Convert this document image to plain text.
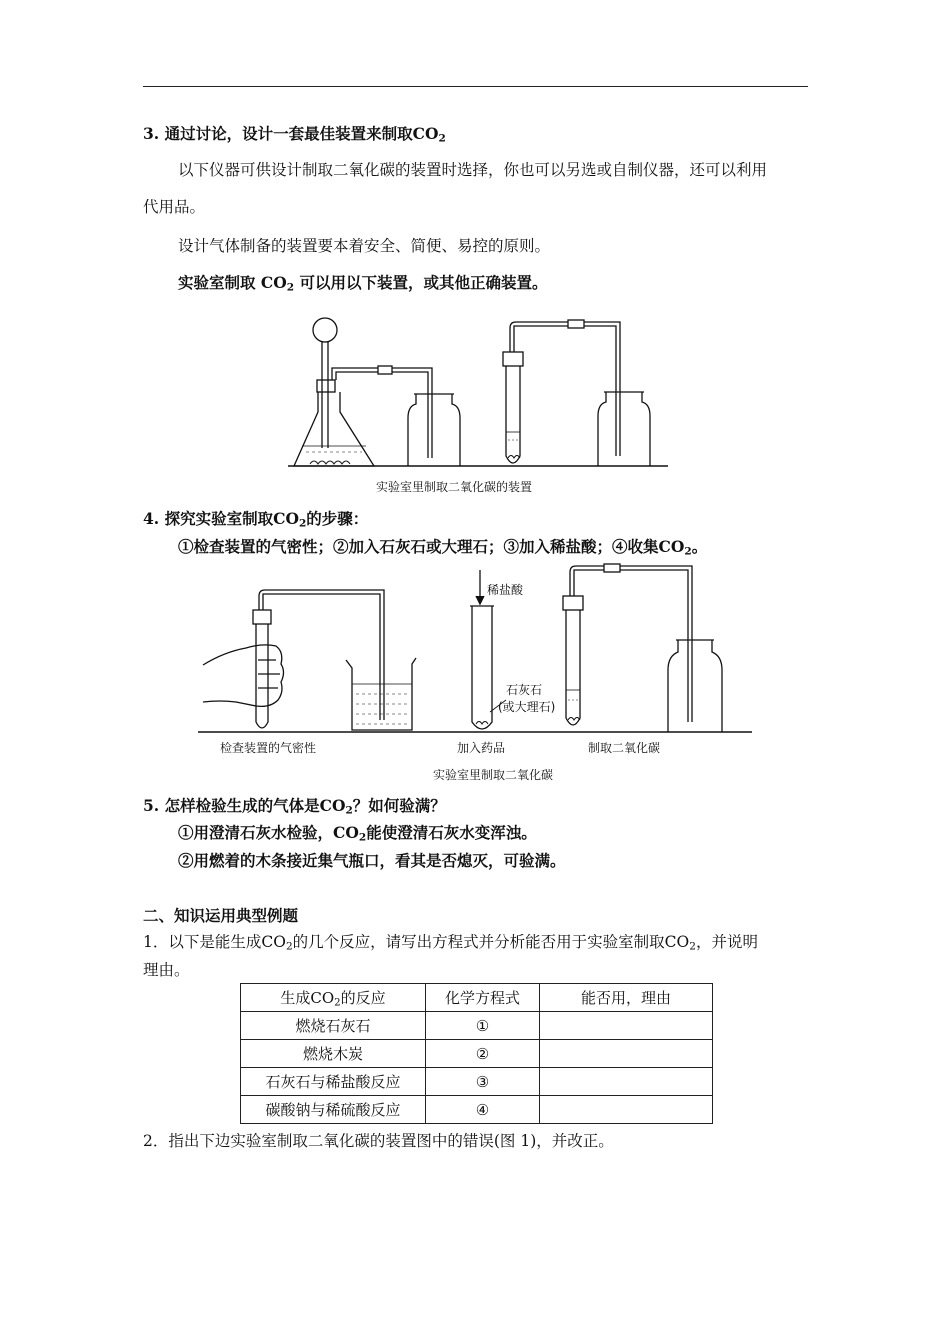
3. 通过讨论，设计一套最佳装置来制取$CO_2$
以下仪器可供设计制取二氧化碳的装置时选择，你也可以另选或自制仪器，还可以利用
代用品。
设计气体制备的装置要本着安全、简便、易控的原则。
实验室制取 $CO_2$ 可以用以下装置，或其他正确装置。
实验室里制取二氧化碳的装置
4. 探究实验室制取$CO_2$的步骤：
①检查装置的气密性；②加入石灰石或大理石；③加入稀盐酸；④收集$CO_2$。
稀盐酸
石灰石
(或大理石)
检查装置的气密性	加入药品	制取二氧化碳
实验室里制取二氧化碳
5. 怎样检验生成的气体是$CO_2$？如何验满？
①用澄清石灰水检验，$CO_2$能使澄清石灰水变浑浊。
②用燃着的木条接近集气瓶口，看其是否熄灭，可验满。
二、知识运用典型例题
1．以下是能生成$CO_2$的几个反应，请写出方程式并分析能否用于实验室制取$CO_2$，并说明
理由。
生成$CO_2$的反应	化学方程式	能否用，理由
燃烧石灰石	①	
燃烧木炭	②	
石灰石与稀盐酸反应	③	
碳酸钠与稀硫酸反应	④	
2．指出下边实验室制取二氧化碳的装置图中的错误(图 1)，并改正。
